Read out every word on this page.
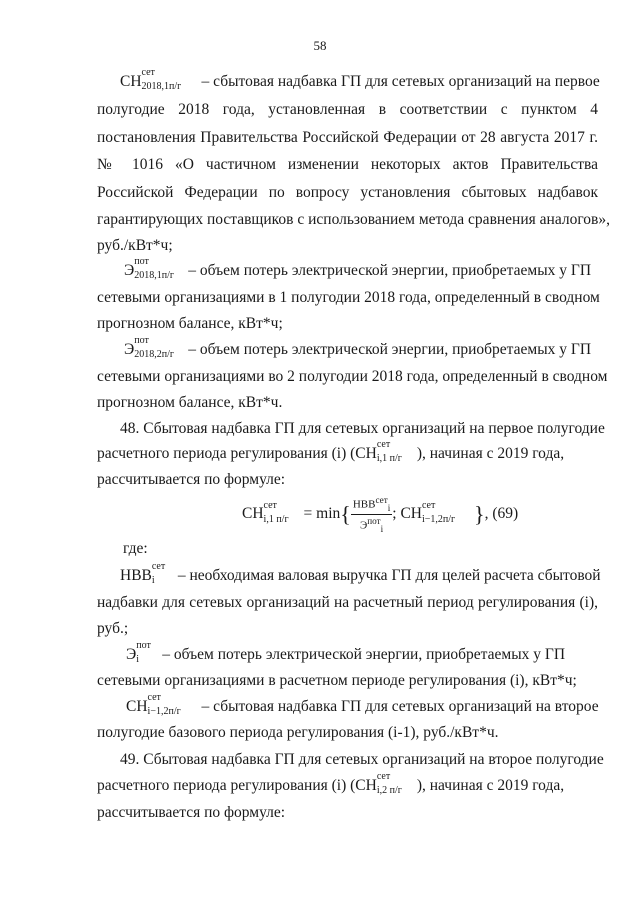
58
СН
сет
2018,1п/г – сбытовая надбавка ГП для сетевых организаций на первое
полугодие 2018 года, установленная в соответствии с пунктом 4
постановления Правительства Российской Федерации от 28 августа 2017 г.
№ 1016 «О частичном изменении некоторых актов Правительства
Российской Федерации по вопросу установления сбытовых надбавок
гарантирующих поставщиков с использованием метода сравнения аналогов»,
руб./кВт*ч;
Э
пот
2018,1п/г – объем потерь электрической энергии, приобретаемых у ГП
сетевыми организациями в 1 полугодии 2018 года, определенный в сводном
прогнозном балансе, кВт*ч;
Э
пот
2018,2п/г – объем потерь электрической энергии, приобретаемых у ГП
сетевыми организациями во 2 полугодии 2018 года, определенный в сводном
прогнозном балансе, кВт*ч.
48. Сбытовая надбавка ГП для сетевых организаций на первое полугодие
расчетного периода регулирования (i) (СН
сет
i,1 п/г ), начиная с 2019 года,
рассчитывается по формуле:
СН сет
i,1 $п/г = \min\{ \frac{НВВ^{сет}_i}{Э^{пот}_i}$ ; СН сет
i−1,2п/г }, (69)
где:
НВВ
сет
i – необходимая валовая выручка ГП для целей расчета сбытовой
надбавки для сетевых организаций на расчетный период регулирования (i),
руб.;
Э
пот
i – объем потерь электрической энергии, приобретаемых у ГП
сетевыми организациями в расчетном периоде регулирования (i), кВт*ч;
СН
сет
i−1,2п/г – сбытовая надбавка ГП для сетевых организаций на второе
полугодие базового периода регулирования (i-1), руб./кВт*ч.
49. Сбытовая надбавка ГП для сетевых организаций на второе полугодие
расчетного периода регулирования (i) (СН
сет
i,2 п/г ), начиная с 2019 года,
рассчитывается по формуле:
